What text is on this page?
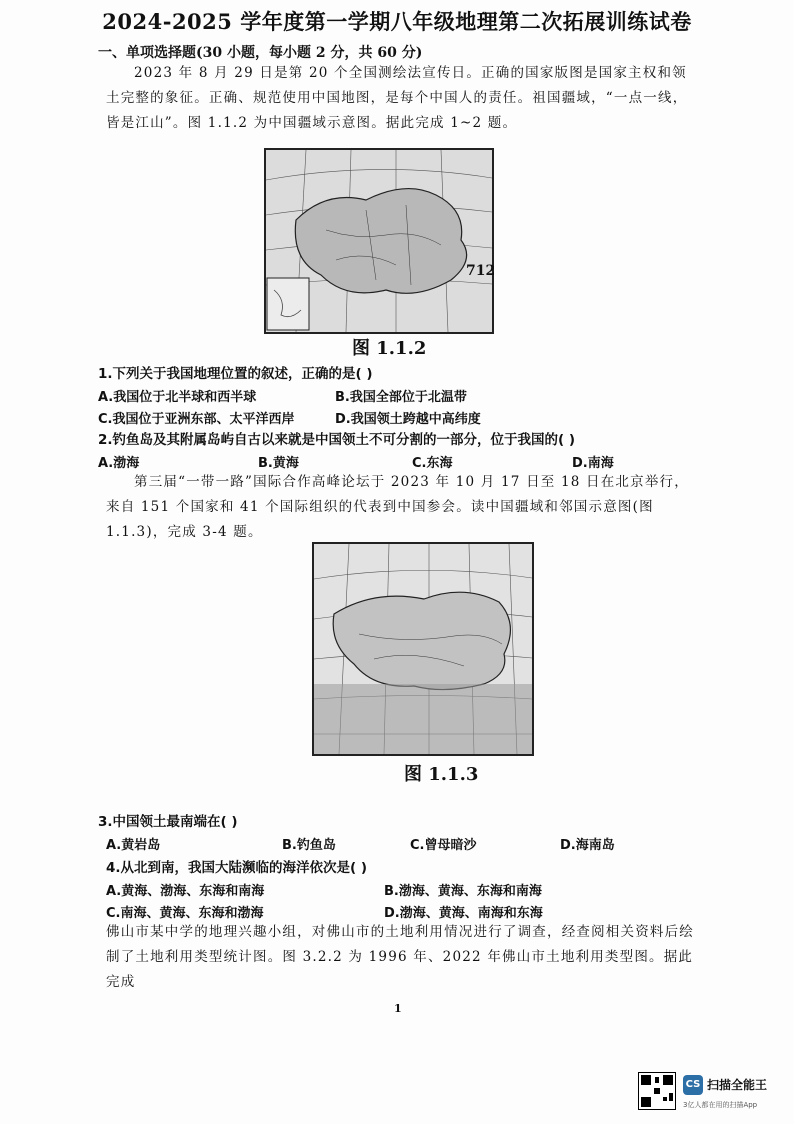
2024-2025 学年度第一学期八年级地理第二次拓展训练试卷
一、单项选择题(30 小题，每小题 2 分，共 60 分)
2023 年 8 月 29 日是第 20 个全国测绘法宣传日。正确的国家版图是国家主权和领土完整的象征。正确、规范使用中国地图，是每个中国人的责任。祖国疆域，“一点一线，皆是江山”。图 1.1.2 为中国疆域示意图。据此完成 1~2 题。
712
图 1.1.2
1.下列关于我国地理位置的叙述，正确的是( )
A.我国位于北半球和西半球	B.我国全部位于北温带
C.我国位于亚洲东部、太平洋西岸	D.我国领土跨越中高纬度
2.钓鱼岛及其附属岛屿自古以来就是中国领土不可分割的一部分，位于我国的( )
A.渤海	B.黄海	C.东海	D.南海
第三届“一带一路”国际合作高峰论坛于 2023 年 10 月 17 日至 18 日在北京举行，来自 151 个国家和 41 个国际组织的代表到中国参会。读中国疆域和邻国示意图(图 1.1.3)，完成 3-4 题。
图 1.1.3
3.中国领土最南端在( )
A.黄岩岛	B.钓鱼岛	C.曾母暗沙	D.海南岛
4.从北到南，我国大陆濒临的海洋依次是( )
A.黄海、渤海、东海和南海	B.渤海、黄海、东海和南海
C.南海、黄海、东海和渤海	D.渤海、黄海、南海和东海
佛山市某中学的地理兴趣小组，对佛山市的土地利用情况进行了调查，经查阅相关资料后绘制了土地利用类型统计图。图 3.2.2 为 1996 年、2022 年佛山市土地利用类型图。据此完成
1
CS 扫描全能王
3亿人都在用的扫描App
